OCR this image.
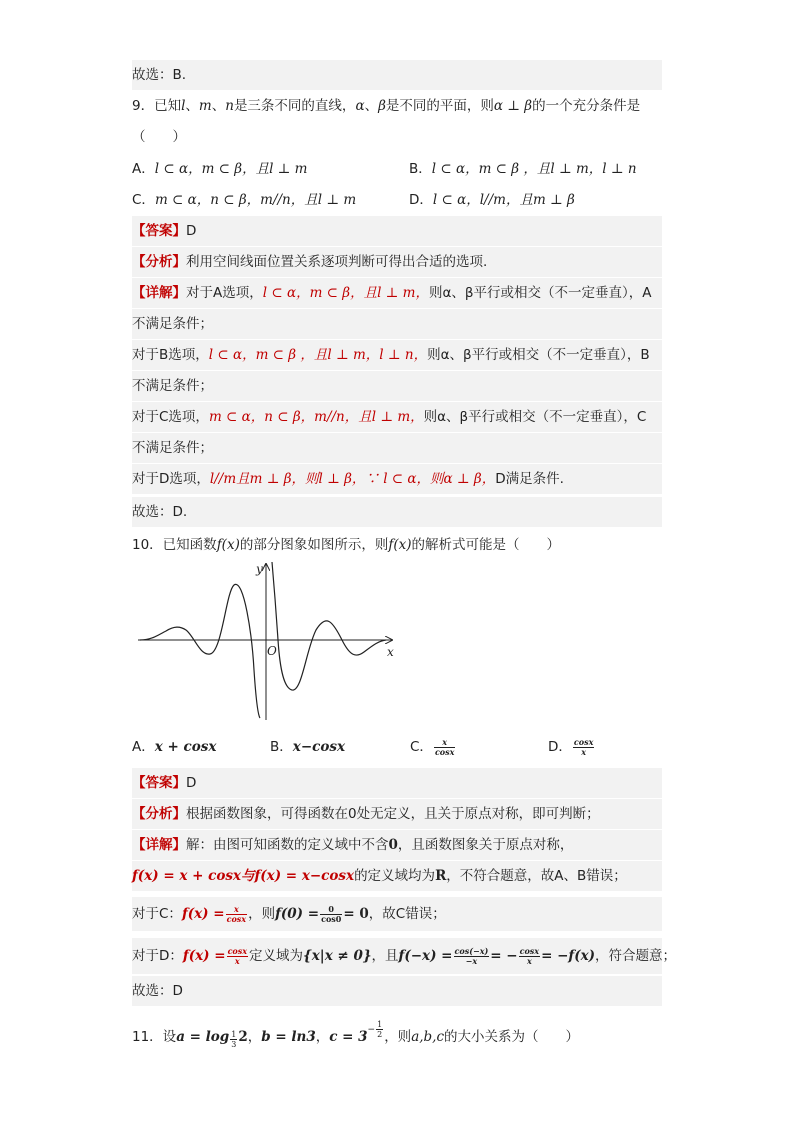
故选：B.
9．已知l、m、n是三条不同的直线，α、β是不同的平面，则α ⊥ β的一个充分条件是
（　　）
A．l ⊂ α，m ⊂ β，且l ⊥ m	B．l ⊂ α，m ⊂ β ，且l ⊥ m，l ⊥ n
C．m ⊂ α，n ⊂ β，m//n，且l ⊥ m	D．l ⊂ α，l//m，且m ⊥ β
【答案】D
【分析】利用空间线面位置关系逐项判断可得出合适的选项.
【详解】对于A选项，l ⊂ α，m ⊂ β，且l ⊥ m，则α、β平行或相交（不一定垂直），A
不满足条件；
对于B选项，l ⊂ α，m ⊂ β ，且l ⊥ m，l ⊥ n，则α、β平行或相交（不一定垂直），B
不满足条件；
对于C选项，m ⊂ α，n ⊂ β，m//n，且l ⊥ m，则α、β平行或相交（不一定垂直），C
不满足条件；
对于D选项，l//m且m ⊥ β，则l ⊥ β，∵ l ⊂ α，则α ⊥ β，D满足条件.
故选：D.
10．已知函数f(x)的部分图象如图所示，则f(x)的解析式可能是（　　）
y
x
O
A．x + cosx	B．x−cosx	C． $\frac{x}{\cos x}$	D． $\frac{\cos x}{x}$
【答案】D
【分析】根据函数图象，可得函数在0处无定义，且关于原点对称，即可判断；
【详解】解：由图可知函数的定义域中不含0，且函数图象关于原点对称，
f(x) = x + cosx与f(x) = x−cosx的定义域均为R，不符合题意，故A、B错误；
对于C：$f(x) = \frac{x}{\cos x}$ ，则$f(0) = \frac{0}{\cos 0} = 0$，故C错误；
对于D：$f(x) = \frac{\cos x}{x}$ 定义域为{x|x ≠ 0}，且$f(-x) = \frac{\cos(-x)}{-x}$ = − $\frac{\cos x}{x} = -f(x)$，符合题意；
故选：D
11．设a = log $_{\frac{1}{3}}$ 2，b = ln3，$c = 3^{- \frac{1}{2}}$ ，则a,b,c的大小关系为（　　）
